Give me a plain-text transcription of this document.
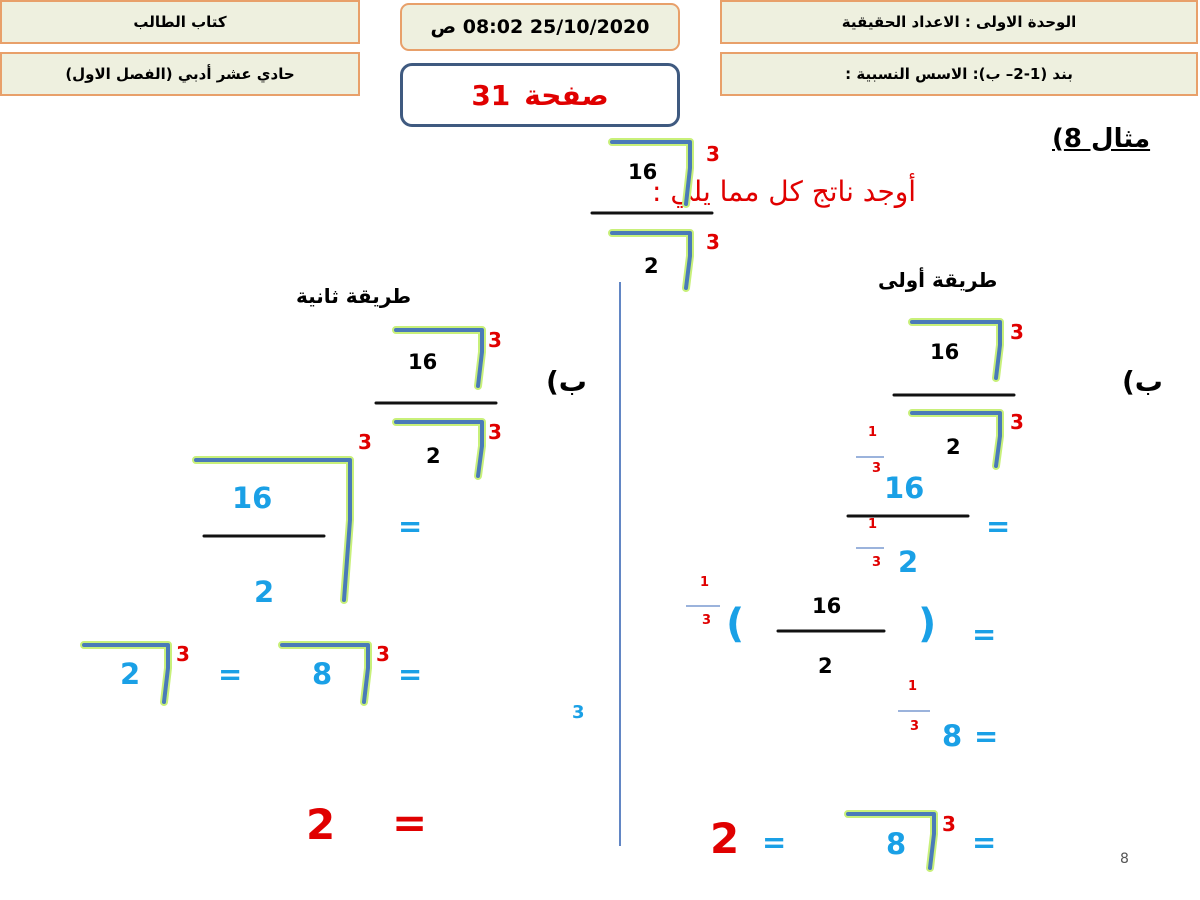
الوحدة الاولى : الاعداد الحقيقية
بند (1-2– ب): الاسس النسبية :
كتاب الطالب
حادي عشر أدبي (الفصل الاول)
25/10/2020 08:02 ص
صفحة
31
مثال 8)
أوجد ناتج كل مما يلي :
16
3
2
3
طريقة أولى
ب)
16
3
2
3
1
3
16
1
3 2
=
1
3 (	16
2
) =
1
3 8 =
2 =	8
3
=
طريقة ثانية
ب)
16
3
2
3
3
16
2
=
2
3
= 8
3
=
3
2 =
8
